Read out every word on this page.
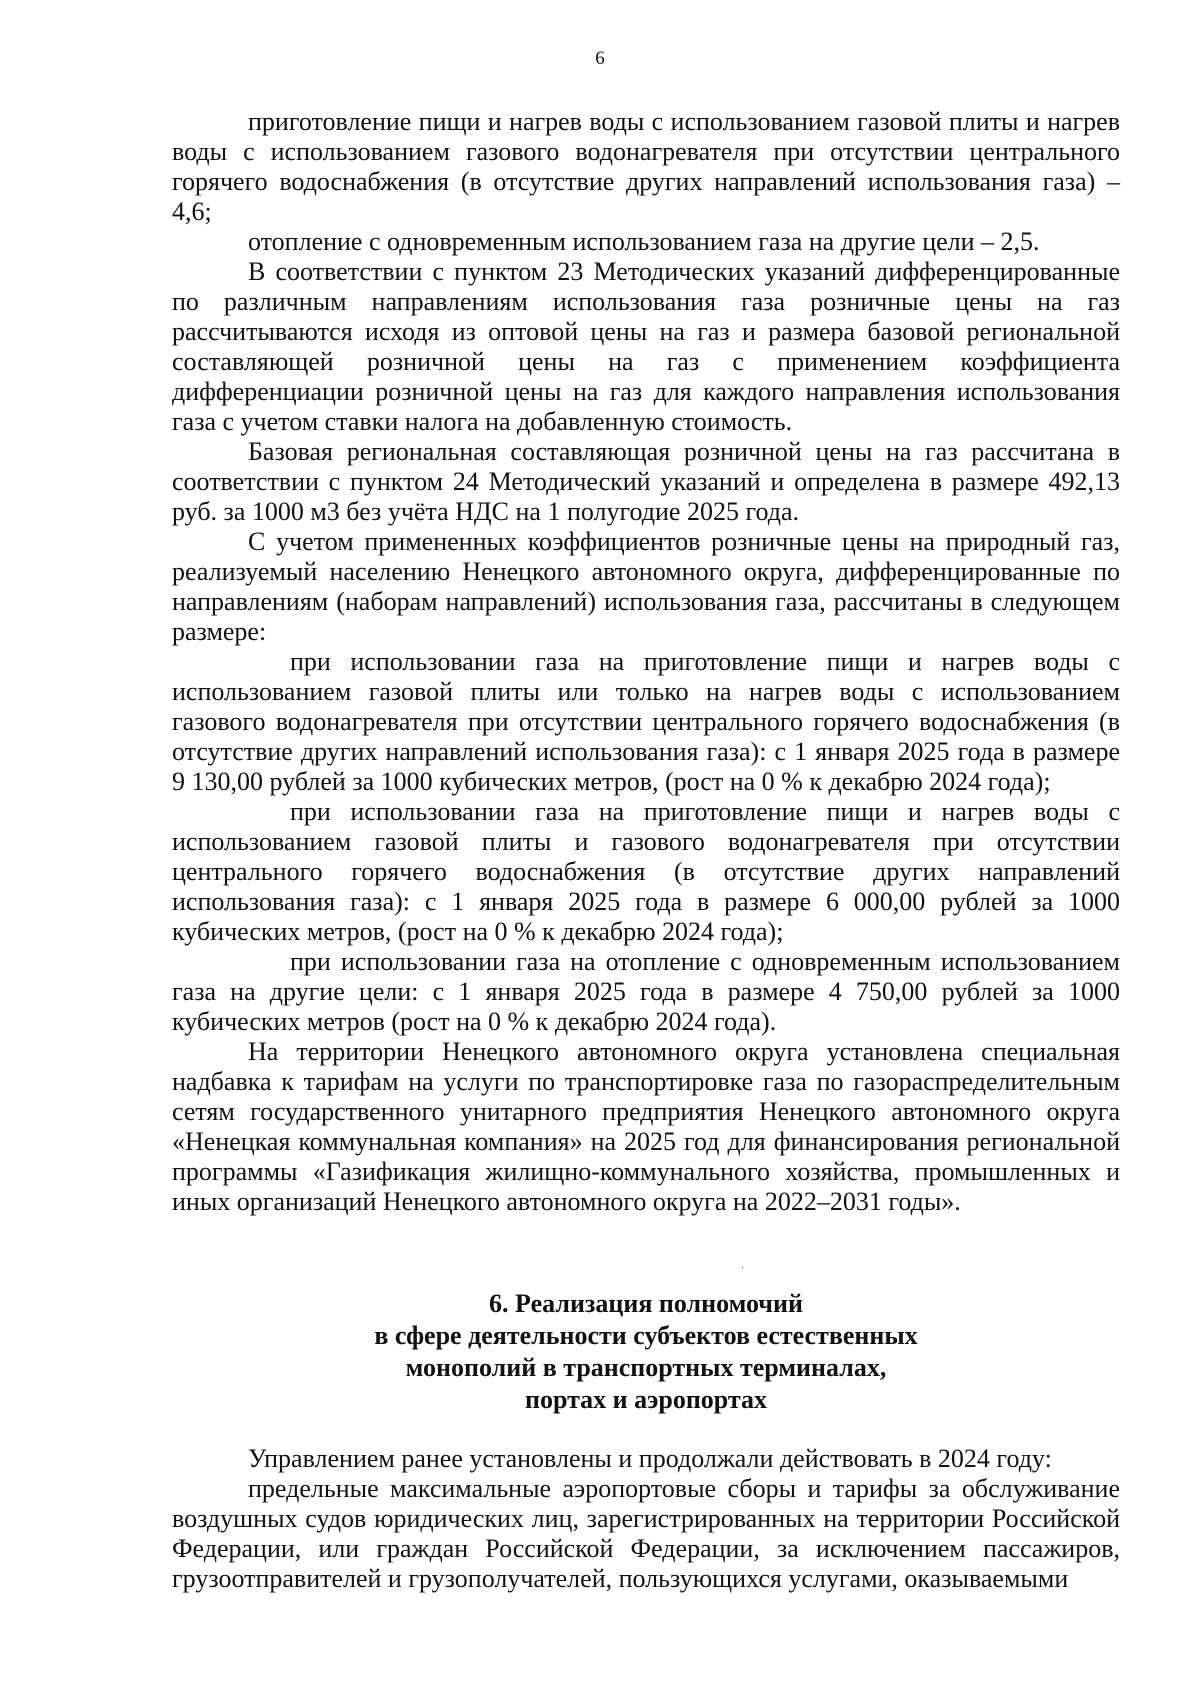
6

приготовление пищи и нагрев воды с использованием газовой плиты и нагрев воды с использованием газового водонагревателя при отсутствии центрального горячего водоснабжения (в отсутствие других направлений использования газа) – 4,6;

отопление с одновременным использованием газа на другие цели – 2,5.

В соответствии с пунктом 23 Методических указаний дифференцированные по различным направлениям использования газа розничные цены на газ рассчитываются исходя из оптовой цены на газ и размера базовой региональной составляющей розничной цены на газ с применением коэффициента дифференциации розничной цены на газ для каждого направления использования газа с учетом ставки налога на добавленную стоимость.

Базовая региональная составляющая розничной цены на газ рассчитана в соответствии с пунктом 24 Методический указаний и определена в размере 492,13 руб. за 1000 м3 без учёта НДС на 1 полугодие 2025 года.

С учетом примененных коэффициентов розничные цены на природный газ, реализуемый населению Ненецкого автономного округа, дифференцированные по направлениям (наборам направлений) использования газа, рассчитаны в следующем размере:

при использовании газа на приготовление пищи и нагрев воды с использованием газовой плиты или только на нагрев воды с использованием газового водонагревателя при отсутствии центрального горячего водоснабжения (в отсутствие других направлений использования газа): с 1 января 2025 года в размере 9 130,00 рублей за 1000 кубических метров, (рост на 0 % к декабрю 2024 года);

при использовании газа на приготовление пищи и нагрев воды с использованием газовой плиты и газового водонагревателя при отсутствии центрального горячего водоснабжения (в отсутствие других направлений использования газа): с 1 января 2025 года в размере 6 000,00 рублей за 1000 кубических метров, (рост на 0 % к декабрю 2024 года);

при использовании газа на отопление с одновременным использованием газа на другие цели: с 1 января 2025 года в размере 4 750,00 рублей за 1000 кубических метров (рост на 0 % к декабрю 2024 года).

На территории Ненецкого автономного округа установлена специальная надбавка к тарифам на услуги по транспортировке газа по газораспределительным сетям государственного унитарного предприятия Ненецкого автономного округа «Ненецкая коммунальная компания» на 2025 год для финансирования региональной программы «Газификация жилищно-коммунального хозяйства, промышленных и иных организаций Ненецкого автономного округа на 2022–2031 годы».

·
6. Реализация полномочий
в сфере деятельности субъектов естественных
монополий в транспортных терминалах,
портах и аэропортах

Управлением ранее установлены и продолжали действовать в 2024 году:

предельные максимальные аэропортовые сборы и тарифы за обслуживание воздушных судов юридических лиц, зарегистрированных на территории Российской Федерации, или граждан Российской Федерации, за исключением пассажиров, грузоотправителей и грузополучателей, пользующихся услугами, оказываемыми
